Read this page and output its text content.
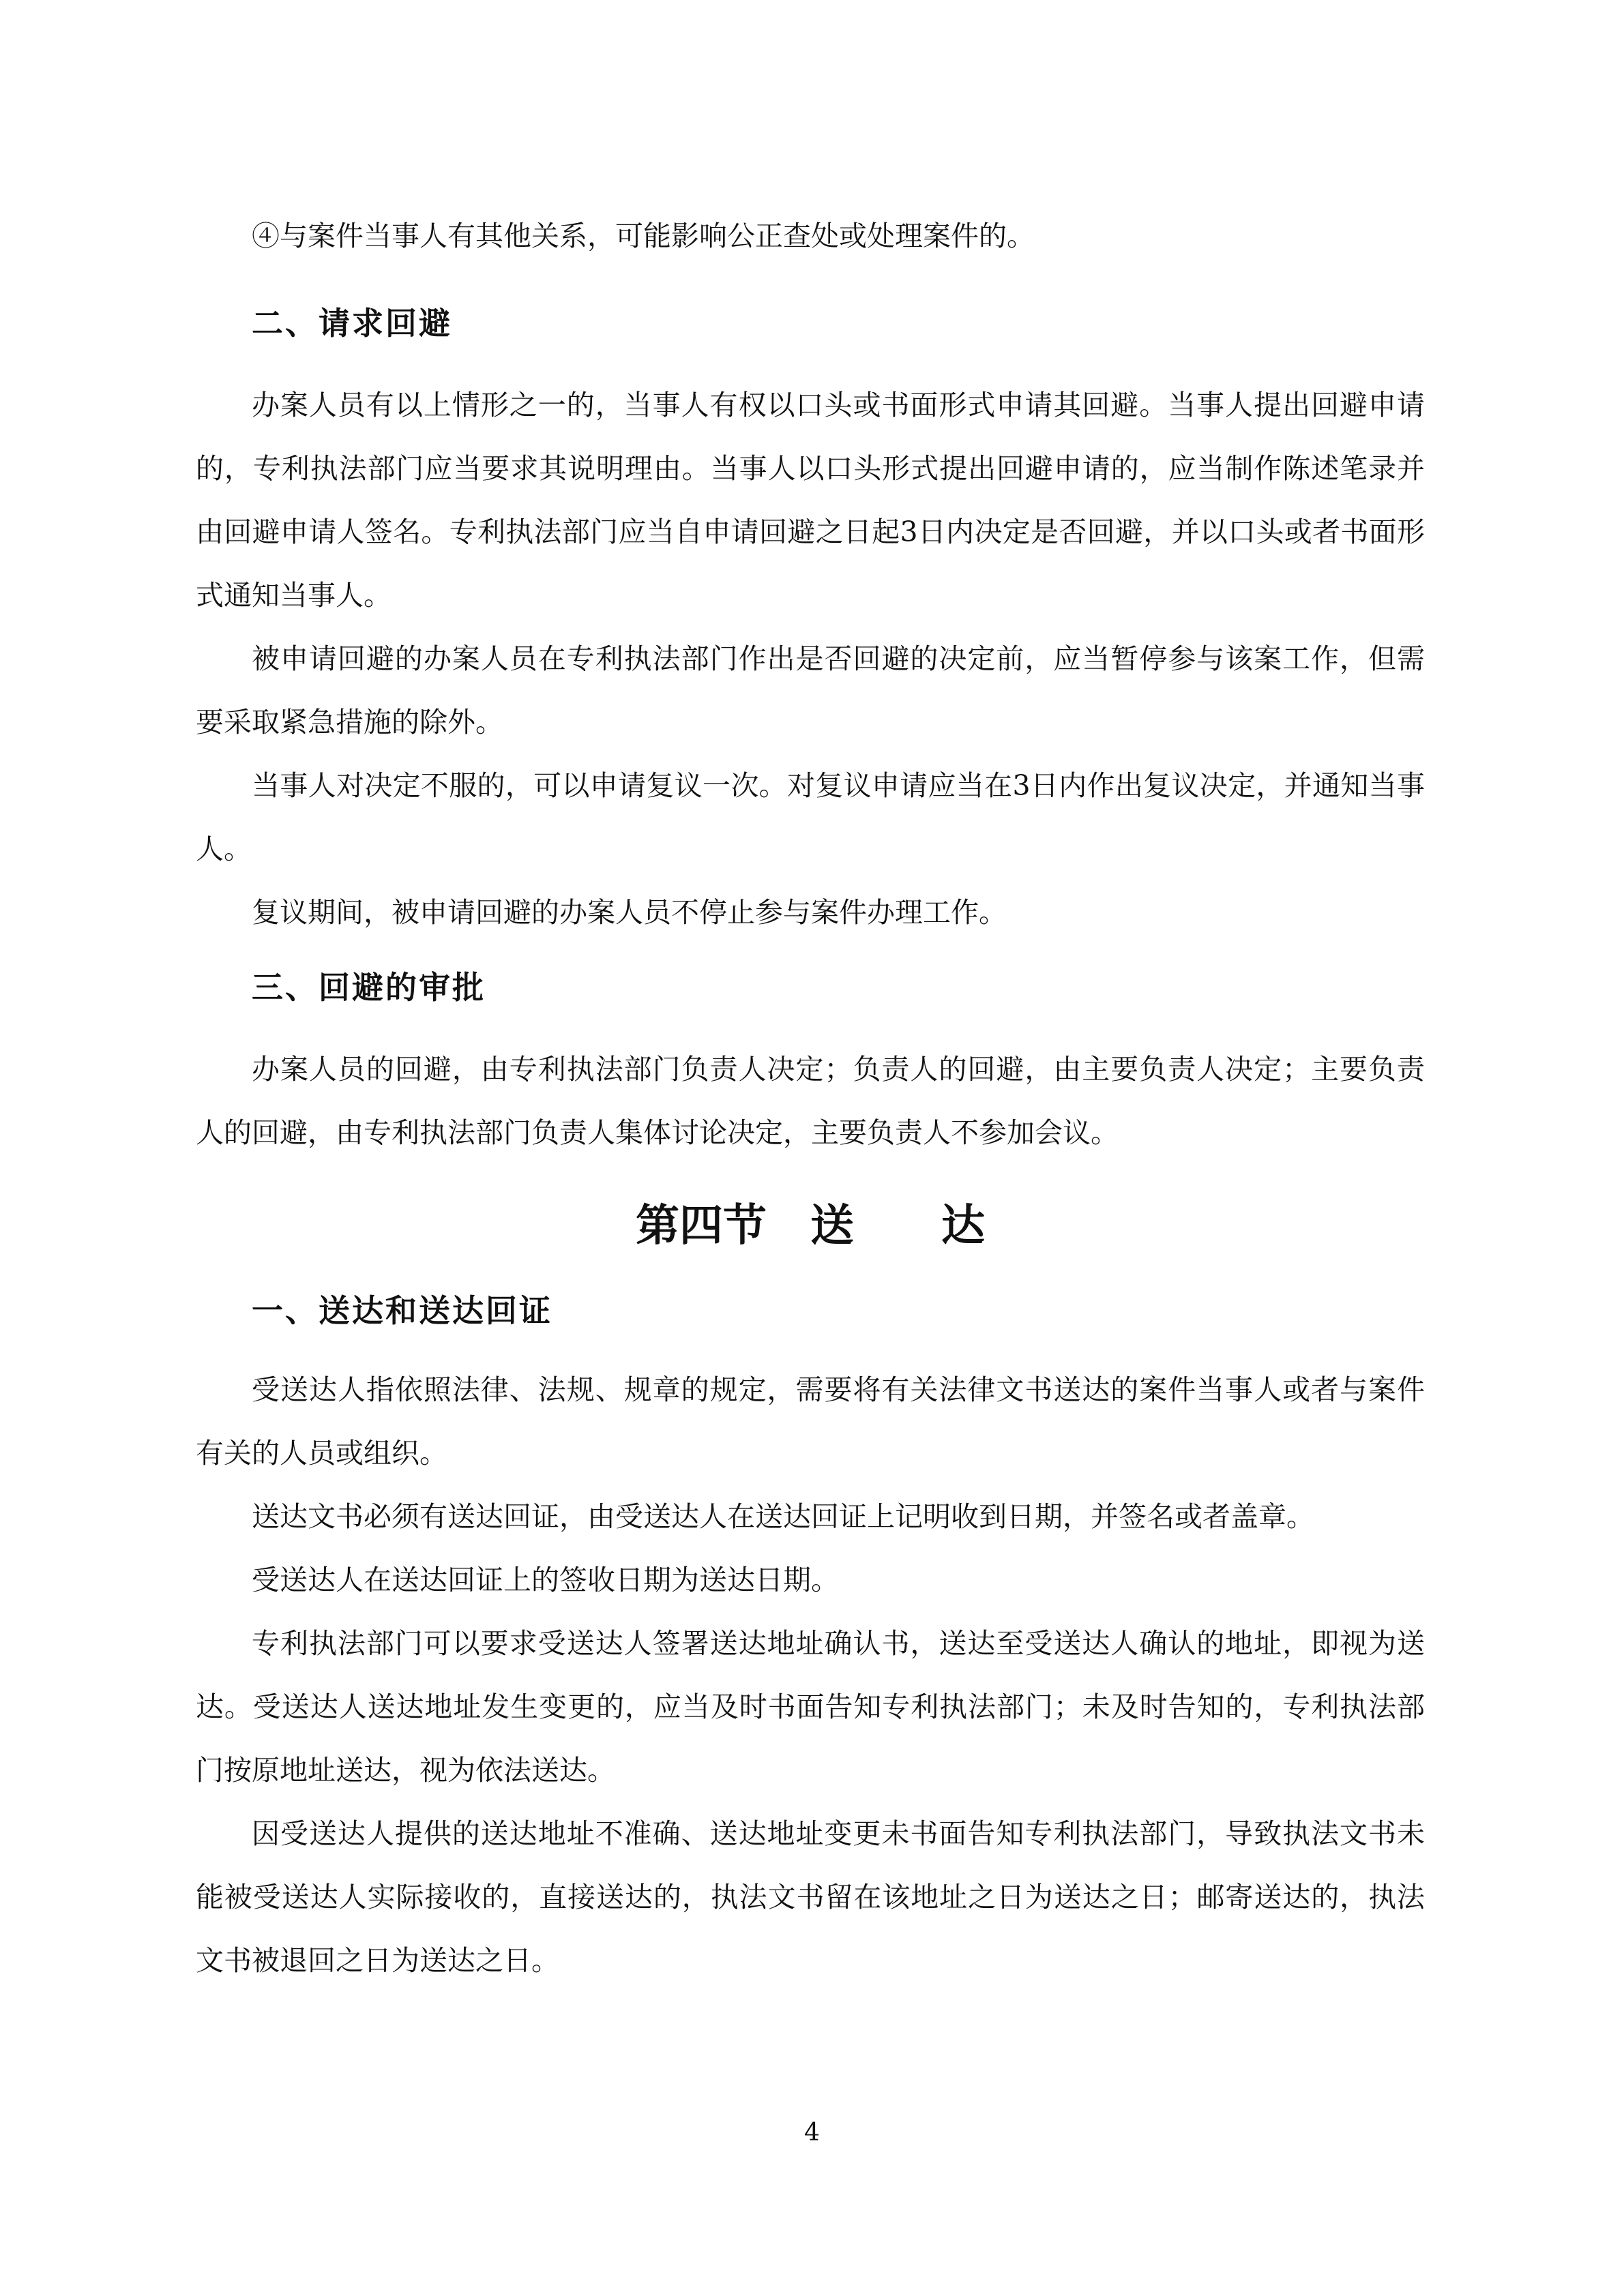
④与案件当事人有其他关系，可能影响公正查处或处理案件的。

二、请求回避

办案人员有以上情形之一的，当事人有权以口头或书面形式申请其回避。当事人提出回避申请的，专利执法部门应当要求其说明理由。当事人以口头形式提出回避申请的，应当制作陈述笔录并由回避申请人签名。专利执法部门应当自申请回避之日起3日内决定是否回避，并以口头或者书面形式通知当事人。

被申请回避的办案人员在专利执法部门作出是否回避的决定前，应当暂停参与该案工作，但需要采取紧急措施的除外。

当事人对决定不服的，可以申请复议一次。对复议申请应当在3日内作出复议决定，并通知当事人。

复议期间，被申请回避的办案人员不停止参与案件办理工作。

三、回避的审批

办案人员的回避，由专利执法部门负责人决定；负责人的回避，由主要负责人决定；主要负责人的回避，由专利执法部门负责人集体讨论决定，主要负责人不参加会议。

第四节　送　　达
一、送达和送达回证

受送达人指依照法律、法规、规章的规定，需要将有关法律文书送达的案件当事人或者与案件有关的人员或组织。

送达文书必须有送达回证，由受送达人在送达回证上记明收到日期，并签名或者盖章。

受送达人在送达回证上的签收日期为送达日期。

专利执法部门可以要求受送达人签署送达地址确认书，送达至受送达人确认的地址，即视为送达。受送达人送达地址发生变更的，应当及时书面告知专利执法部门；未及时告知的，专利执法部门按原地址送达，视为依法送达。

因受送达人提供的送达地址不准确、送达地址变更未书面告知专利执法部门，导致执法文书未能被受送达人实际接收的，直接送达的，执法文书留在该地址之日为送达之日；邮寄送达的，执法文书被退回之日为送达之日。

4
